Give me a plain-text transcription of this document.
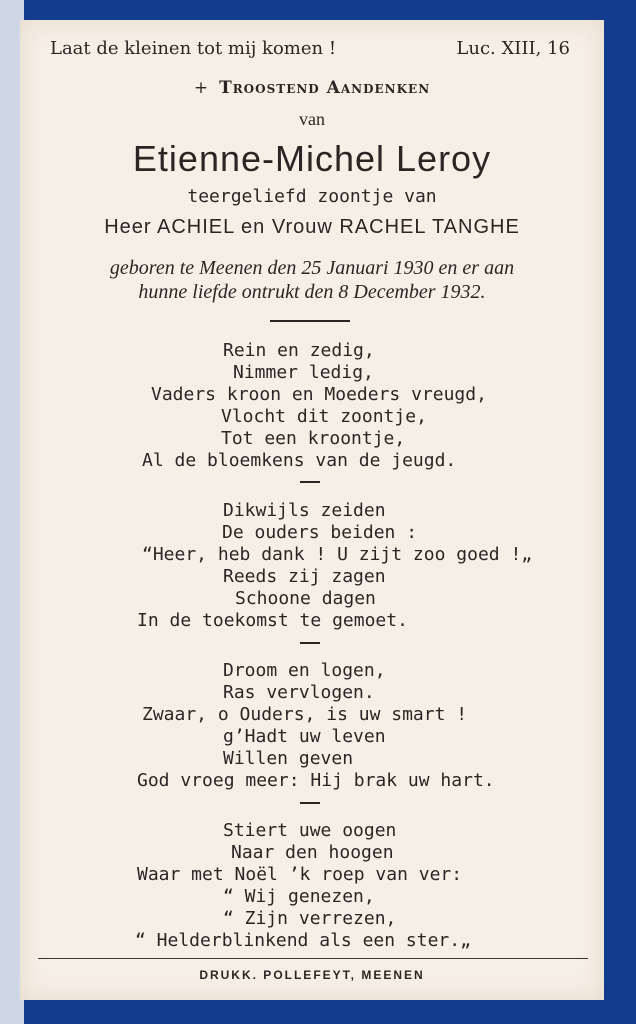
Laat de kleinen tot mij komen !	Luc. XIII, 16
+ Troostend Aandenken
van
Etienne-Michel Leroy
teergeliefd zoontje van
Heer ACHIEL en Vrouw RACHEL TANGHE
geboren te Meenen den 25 Januari 1930 en er aan
hunne liefde ontrukt den 8 December 1932.
Rein en zedig,
Nimmer ledig,
Vaders kroon en Moeders vreugd,
Vlocht dit zoontje,
Tot een kroontje,
Al de bloemkens van de jeugd.
Dikwijls zeiden
De ouders beiden :
“Heer, heb dank ! U zijt zoo goed !„
Reeds zij zagen
Schoone dagen
In de toekomst te gemoet.
Droom en logen,
Ras vervlogen.
Zwaar, o Ouders, is uw smart !
g’Hadt uw leven
Willen geven
God vroeg meer: Hij brak uw hart.
Stiert uwe oogen
Naar den hoogen
Waar met Noël ’k roep van ver:
“ Wij genezen,
“ Zijn verrezen,
“ Helderblinkend als een ster.„
DRUKK. POLLEFEYT, MEENEN
